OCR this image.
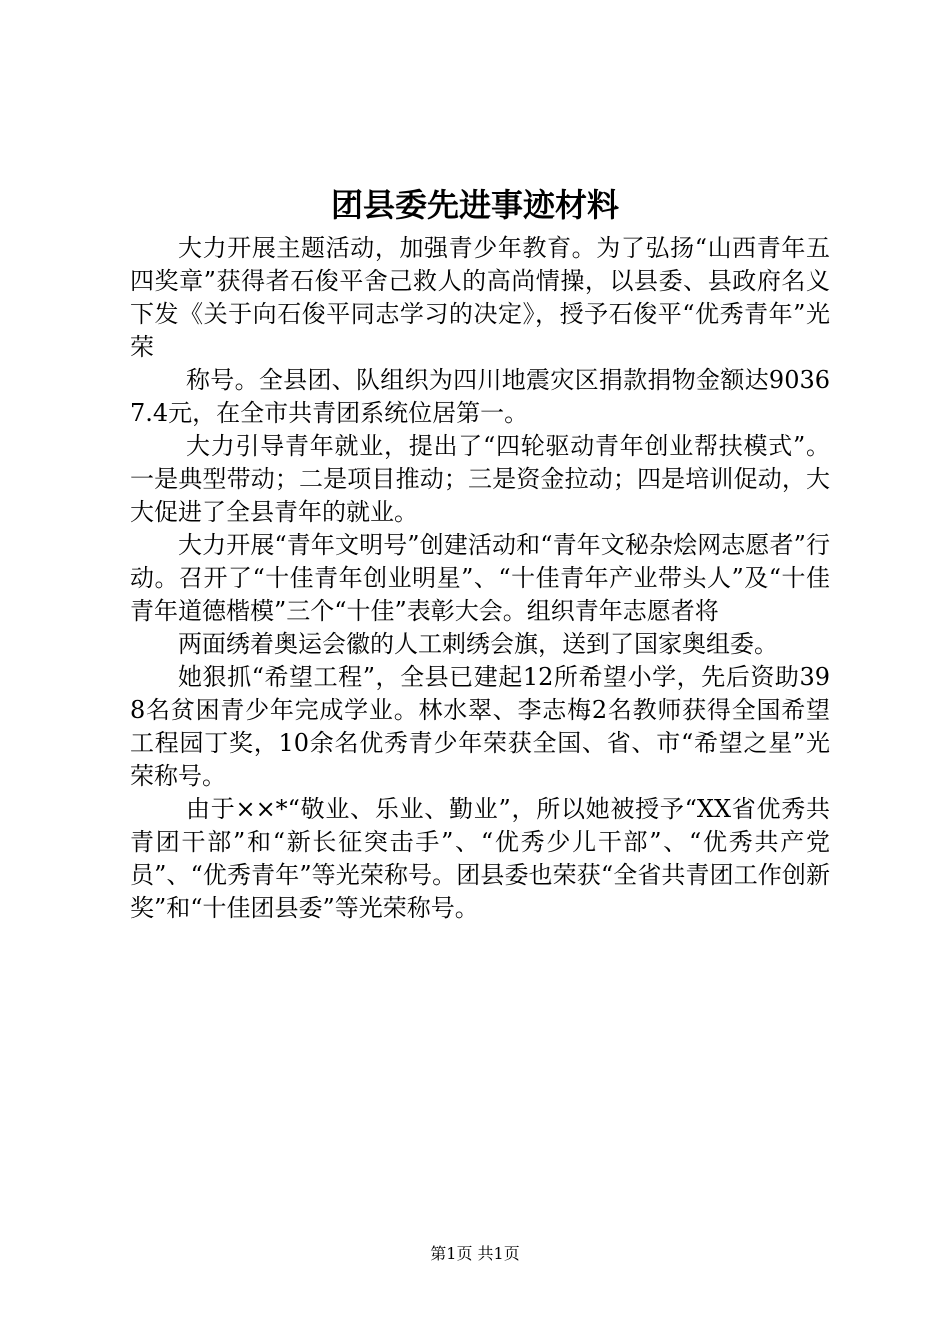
团县委先进事迹材料

大力开展主题活动，加强青少年教育。为了弘扬“山西青年五四奖章”获得者石俊平舍己救人的高尚情操，以县委、县政府名义下发《关于向石俊平同志学习的决定》，授予石俊平“优秀青年”光荣

称号。全县团、队组织为四川地震灾区捐款捐物金额达90367.4元，在全市共青团系统位居第一。

大力引导青年就业，提出了“四轮驱动青年创业帮扶模式”。一是典型带动；二是项目推动；三是资金拉动；四是培训促动，大大促进了全县青年的就业。

大力开展“青年文明号”创建活动和“青年文秘杂烩网志愿者”行动。召开了“十佳青年创业明星”、“十佳青年产业带头人”及“十佳青年道德楷模”三个“十佳”表彰大会。组织青年志愿者将

两面绣着奥运会徽的人工刺绣会旗，送到了国家奥组委。

她狠抓“希望工程”，全县已建起12所希望小学，先后资助398名贫困青少年完成学业。林水翠、李志梅2名教师获得全国希望工程园丁奖，10余名优秀青少年荣获全国、省、市“希望之星”光荣称号。

由于××*“敬业、乐业、勤业”，所以她被授予“XX省优秀共青团干部”和“新长征突击手”、“优秀少儿干部”、“优秀共产党员”、“优秀青年”等光荣称号。团县委也荣获“全省共青团工作创新奖”和“十佳团县委”等光荣称号。

第1页 共1页
